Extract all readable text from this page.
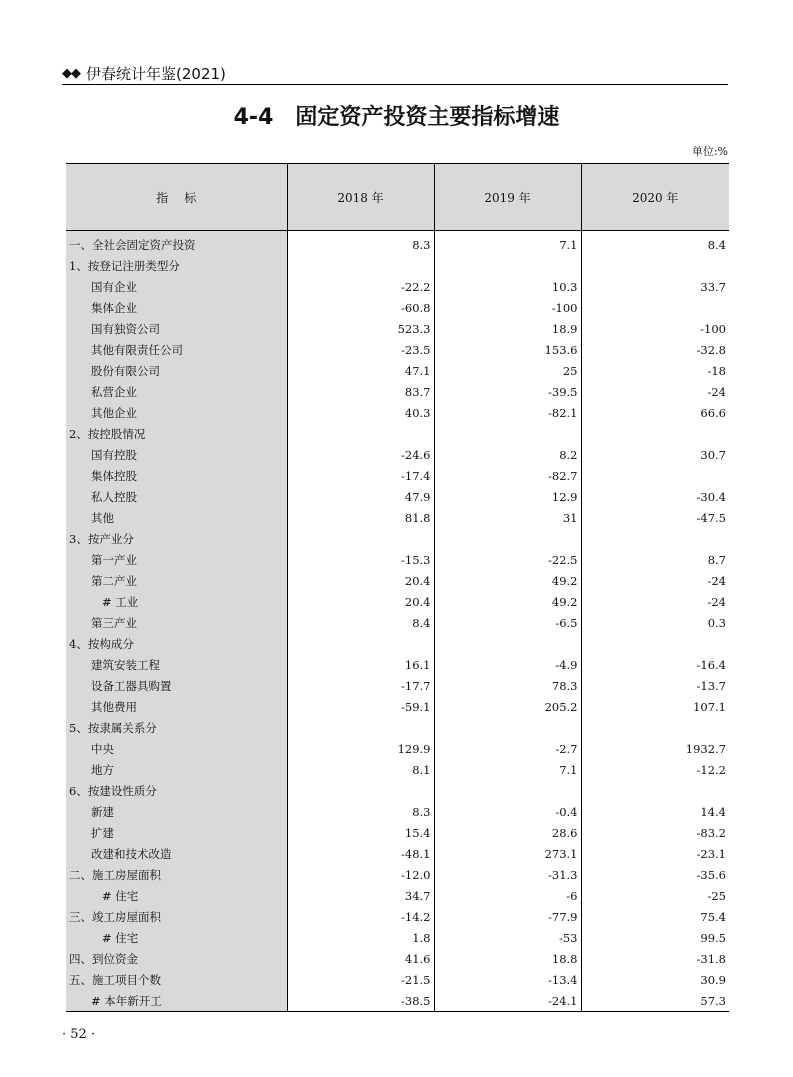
◆◆ 伊春统计年鉴(2021)
4-4　固定资产投资主要指标增速
单位:%
指标	2018 年	2019 年	2020 年
一、全社会固定资产投资	8.3	7.1	8.4
1、按登记注册类型分			
国有企业	-22.2	10.3	33.7
集体企业	-60.8	-100	
国有独资公司	523.3	18.9	-100
其他有限责任公司	-23.5	153.6	-32.8
股份有限公司	47.1	25	-18
私营企业	83.7	-39.5	-24
其他企业	40.3	-82.1	66.6
2、按控股情况			
国有控股	-24.6	8.2	30.7
集体控股	-17.4	-82.7	
私人控股	47.9	12.9	-30.4
其他	81.8	31	-47.5
3、按产业分			
第一产业	-15.3	-22.5	8.7
第二产业	20.4	49.2	-24
# 工业	20.4	49.2	-24
第三产业	8.4	-6.5	0.3
4、按构成分			
建筑安装工程	16.1	-4.9	-16.4
设备工器具购置	-17.7	78.3	-13.7
其他费用	-59.1	205.2	107.1
5、按隶属关系分			
中央	129.9	-2.7	1932.7
地方	8.1	7.1	-12.2
6、按建设性质分			
新建	8.3	-0.4	14.4
扩建	15.4	28.6	-83.2
改建和技术改造	-48.1	273.1	-23.1
二、施工房屋面积	-12.0	-31.3	-35.6
# 住宅	34.7	-6	-25
三、竣工房屋面积	-14.2	-77.9	75.4
# 住宅	1.8	-53	99.5
四、到位资金	41.6	18.8	-31.8
五、施工项目个数	-21.5	-13.4	30.9
# 本年新开工	-38.5	-24.1	57.3
· 52 ·
